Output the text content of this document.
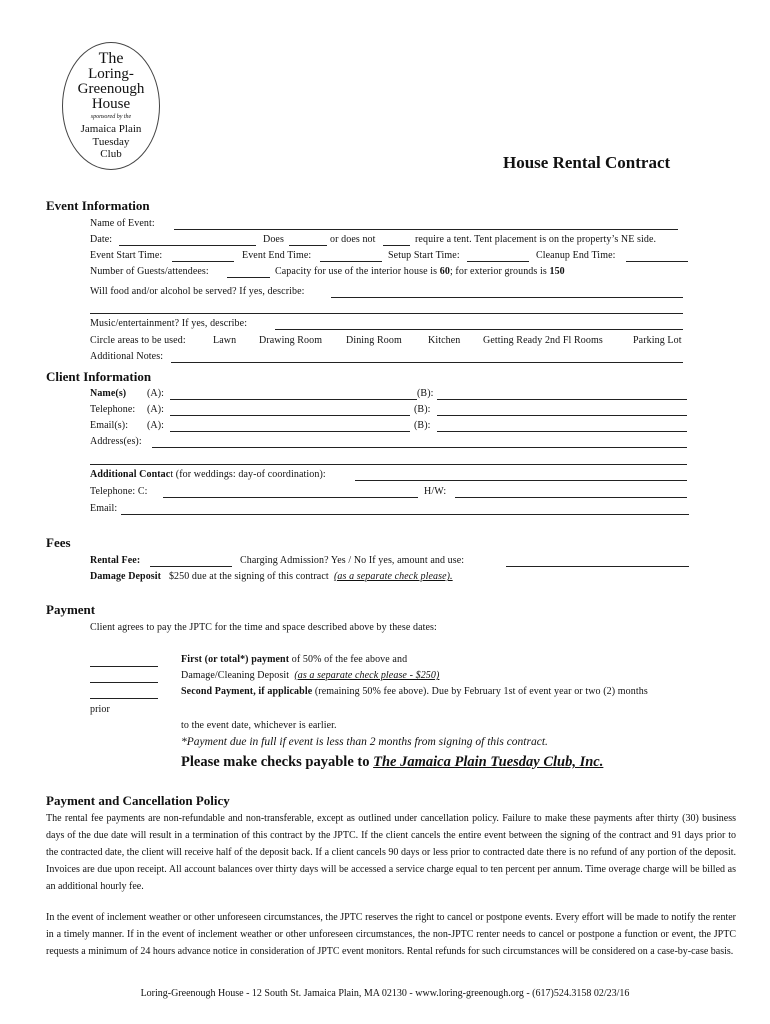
The
Loring-
Greenough
House
sponsored by the
Jamaica Plain
Tuesday
Club	House Rental Contract
Event Information
Name of Event:
Date:	Does	or does not	require a tent. Tent placement is on the property’s NE side.
Event Start Time:	Event End Time:	Setup Start Time:	Cleanup End Time:
Number of Guests/attendees:	Capacity for use of the interior house is 60; for exterior grounds is 150
Will food and/or alcohol be served? If yes, describe:
Music/entertainment? If yes, describe:
Circle areas to be used:	Lawn Drawing Room Dining Room	Kitchen Getting Ready 2nd Fl Rooms	Parking Lot
Additional Notes:
Client Information
Name(s) (A):	(B):
Telephone: (A):	(B):
Email(s): (A):	(B):
Address(es):
Additional Contact (for weddings: day-of coordination):
Telephone: C:	H/W:
Email:
Fees
Rental Fee:	Charging Admission? Yes / No If yes, amount and use:
Damage Deposit $250 due at the signing of this contract (as a separate check please).
Payment
Client agrees to pay the JPTC for the time and space described above by these dates:
First (or total*) payment of 50% of the fee above and
Damage/Cleaning Deposit (as a separate check please - $250)
Second Payment, if applicable (remaining 50% fee above). Due by February 1st of event year or two (2) months
prior
to the event date, whichever is earlier.
*Payment due in full if event is less than 2 months from signing of this contract.
Please make checks payable to The Jamaica Plain Tuesday Club, Inc.
Payment and Cancellation Policy
The rental fee payments are non-refundable and non-transferable, except as outlined under cancellation policy. Failure to make these payments after thirty (30) business days of the due date will result in a termination of this contract by the JPTC. If the client cancels the entire event between the signing of the contract and 91 days prior to the contracted date, the client will receive half of the deposit back. If a client cancels 90 days or less prior to contracted date there is no refund of any portion of the deposit. Invoices are due upon receipt. All account balances over thirty days will be accessed a service charge equal to ten percent per annum. Time overage charge will be billed as an additional hourly fee.
In the event of inclement weather or other unforeseen circumstances, the JPTC reserves the right to cancel or postpone events. Every effort will be made to notify the renter in a timely manner. If in the event of inclement weather or other unforeseen circumstances, the non-JPTC renter needs to cancel or postpone a function or event, the JPTC requests a minimum of 24 hours advance notice in consideration of JPTC event monitors. Rental refunds for such circumstances will be considered on a case-by-case basis.
Loring-Greenough House - 12 South St. Jamaica Plain, MA 02130 - www.loring-greenough.org - (617)524.3158 02/23/16
